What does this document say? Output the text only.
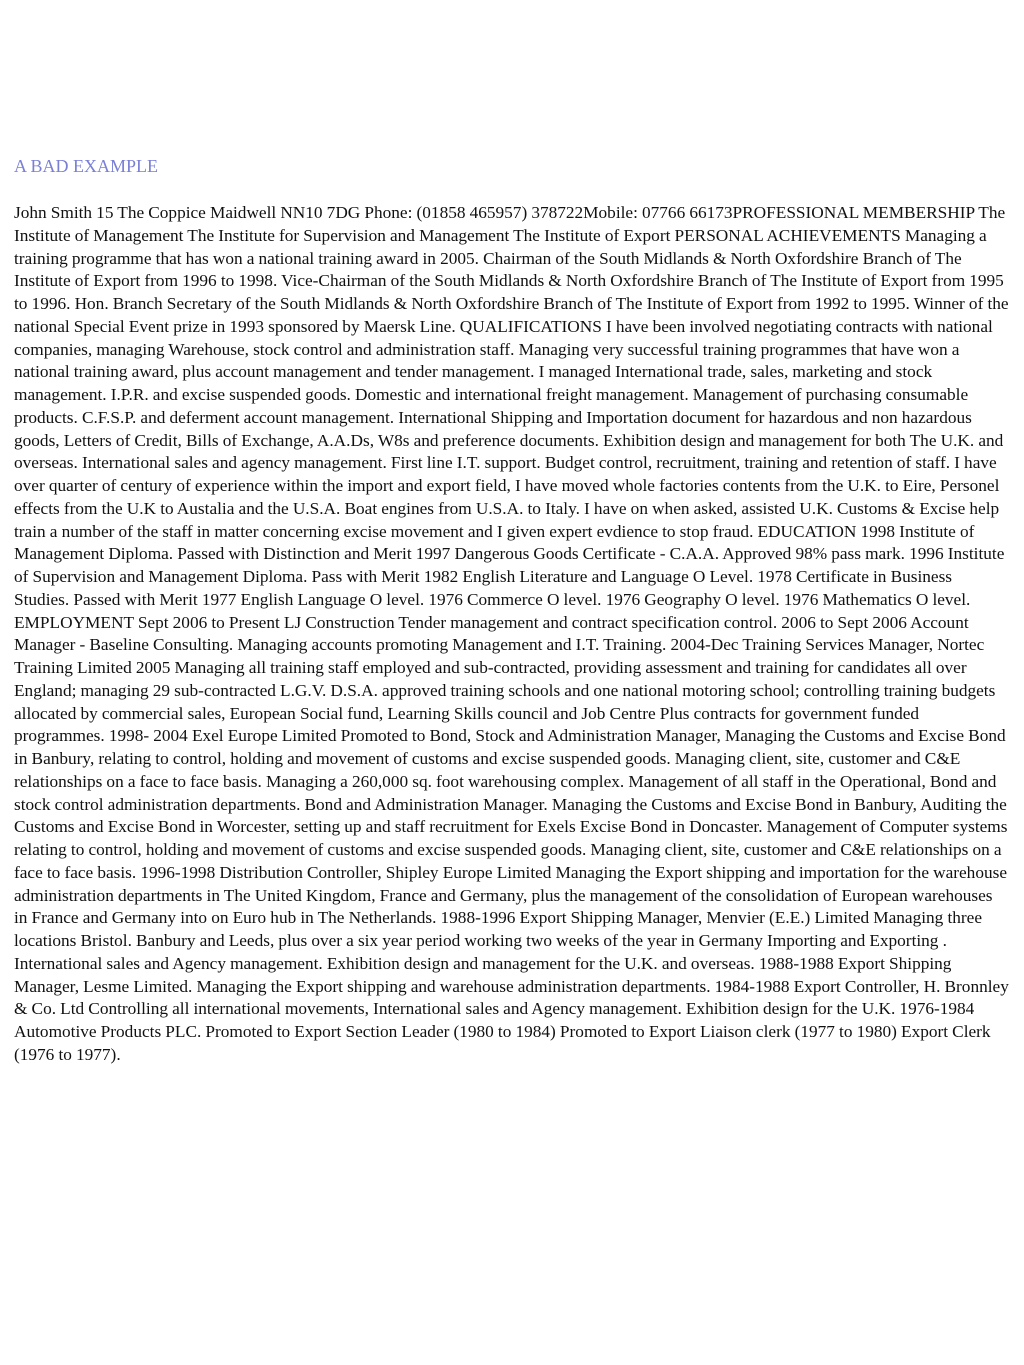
A BAD EXAMPLE

John Smith 15 The Coppice Maidwell NN10 7DG Phone: (01858 465957) 378722Mobile: 07766 66173PROFESSIONAL MEMBERSHIP The Institute of Management The Institute for Supervision and Management The Institute of Export PERSONAL ACHIEVEMENTS Managing a training programme that has won a national training award in 2005. Chairman of the South Midlands & North Oxfordshire Branch of The Institute of Export from 1996 to 1998. Vice-Chairman of the South Midlands & North Oxfordshire Branch of The Institute of Export from 1995 to 1996. Hon. Branch Secretary of the South Midlands & North Oxfordshire Branch of The Institute of Export from 1992 to 1995. Winner of the national Special Event prize in 1993 sponsored by Maersk Line. QUALIFICATIONS I have been involved negotiating contracts with national companies, managing Warehouse, stock control and administration staff. Managing very successful training programmes that have won a national training award, plus account management and tender management. I managed International trade, sales, marketing and stock management. I.P.R. and excise suspended goods. Domestic and international freight management. Management of purchasing consumable products. C.F.S.P. and deferment account management. International Shipping and Importation document for hazardous and non hazardous goods, Letters of Credit, Bills of Exchange, A.A.Ds, W8s and preference documents. Exhibition design and management for both The U.K. and overseas. International sales and agency management. First line I.T. support. Budget control, recruitment, training and retention of staff. I have over quarter of century of experience within the import and export field, I have moved whole factories contents from the U.K. to Eire, Personel effects from the U.K to Austalia and the U.S.A. Boat engines from U.S.A. to Italy. I have on when asked, assisted U.K. Customs & Excise help train a number of the staff in matter concerning excise movement and I given expert evdience to stop fraud. EDUCATION 1998 Institute of Management Diploma. Passed with Distinction and Merit 1997 Dangerous Goods Certificate - C.A.A. Approved 98% pass mark. 1996 Institute of Supervision and Management Diploma. Pass with Merit 1982 English Literature and Language O Level. 1978 Certificate in Business Studies. Passed with Merit 1977 English Language O level. 1976 Commerce O level. 1976 Geography O level. 1976 Mathematics O level. EMPLOYMENT Sept 2006 to Present LJ Construction Tender management and contract specification control. 2006 to Sept 2006 Account Manager - Baseline Consulting. Managing accounts promoting Management and I.T. Training. 2004-Dec Training Services Manager, Nortec Training Limited 2005 Managing all training staff employed and sub-contracted, providing assessment and training for candidates all over England; managing 29 sub-contracted L.G.V. D.S.A. approved training schools and one national motoring school; controlling training budgets allocated by commercial sales, European Social fund, Learning Skills council and Job Centre Plus contracts for government funded programmes. 1998- 2004 Exel Europe Limited Promoted to Bond, Stock and Administration Manager, Managing the Customs and Excise Bond in Banbury, relating to control, holding and movement of customs and excise suspended goods. Managing client, site, customer and C&E relationships on a face to face basis. Managing a 260,000 sq. foot warehousing complex. Management of all staff in the Operational, Bond and stock control administration departments. Bond and Administration Manager. Managing the Customs and Excise Bond in Banbury, Auditing the Customs and Excise Bond in Worcester, setting up and staff recruitment for Exels Excise Bond in Doncaster. Management of Computer systems relating to control, holding and movement of customs and excise suspended goods. Managing client, site, customer and C&E relationships on a face to face basis. 1996-1998 Distribution Controller, Shipley Europe Limited Managing the Export shipping and importation for the warehouse administration departments in The United Kingdom, France and Germany, plus the management of the consolidation of European warehouses in France and Germany into on Euro hub in The Netherlands. 1988-1996 Export Shipping Manager, Menvier (E.E.) Limited Managing three locations Bristol. Banbury and Leeds, plus over a six year period working two weeks of the year in Germany Importing and Exporting . International sales and Agency management. Exhibition design and management for the U.K. and overseas. 1988-1988 Export Shipping Manager, Lesme Limited. Managing the Export shipping and warehouse administration departments. 1984-1988 Export Controller, H. Bronnley & Co. Ltd Controlling all international movements, International sales and Agency management. Exhibition design for the U.K. 1976-1984 Automotive Products PLC. Promoted to Export Section Leader (1980 to 1984) Promoted to Export Liaison clerk (1977 to 1980) Export Clerk (1976 to 1977).
